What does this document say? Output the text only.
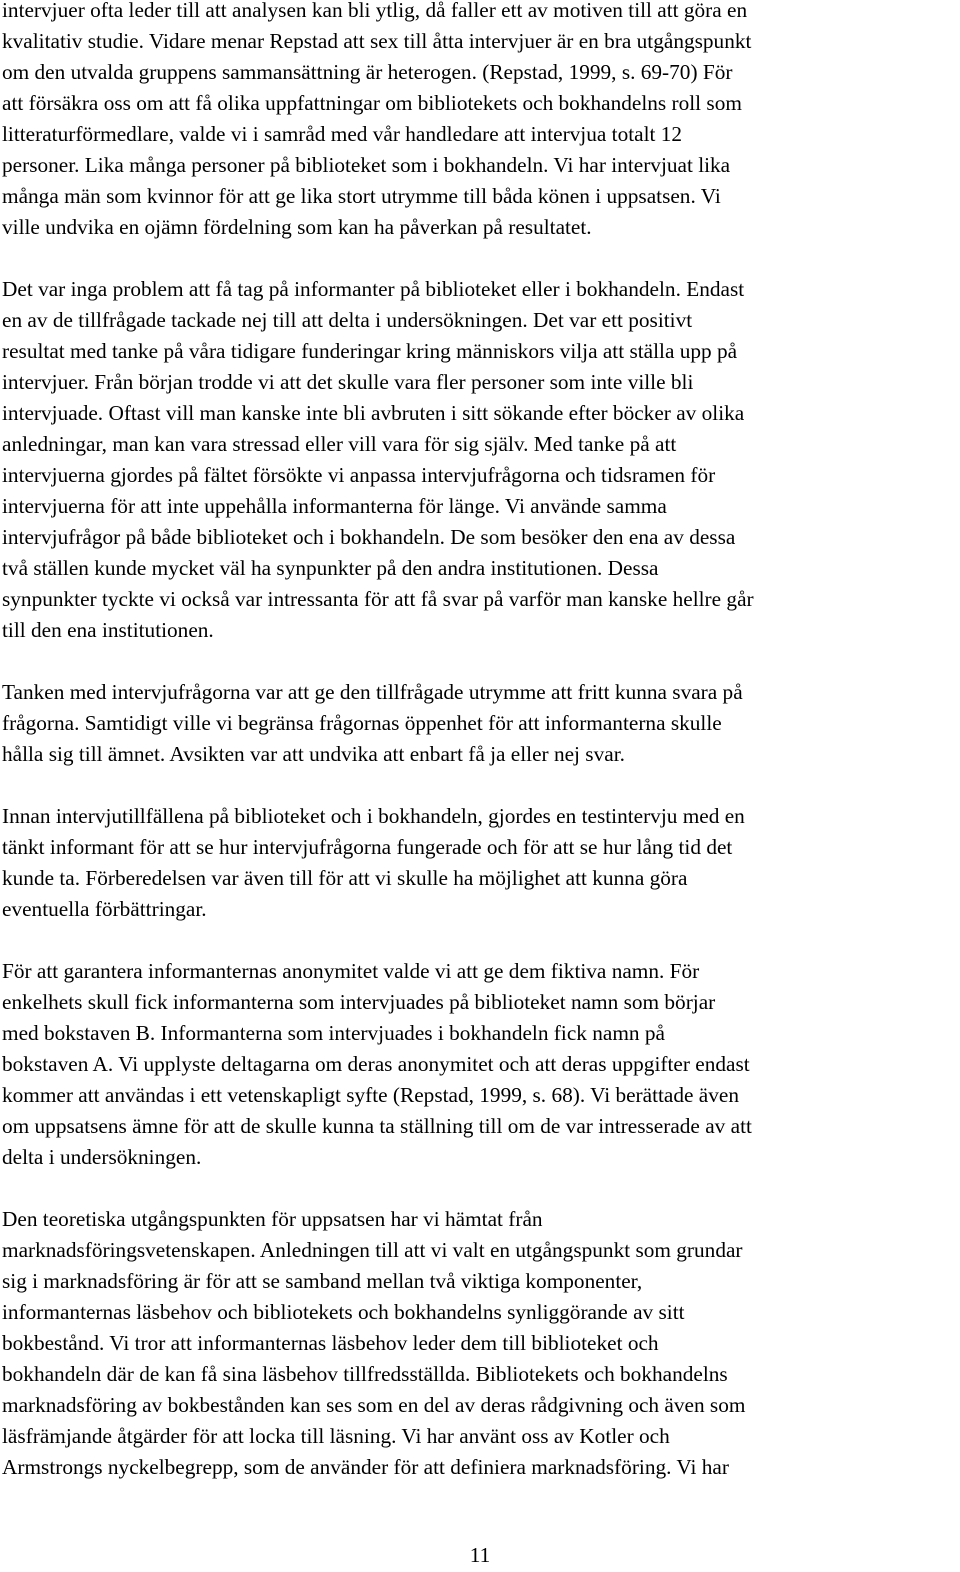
intervjuer ofta leder till att analysen kan bli ytlig, då faller ett av motiven till att göra en
kvalitativ studie. Vidare menar Repstad att sex till åtta intervjuer är en bra utgångspunkt
om den utvalda gruppens sammansättning är heterogen. (Repstad, 1999, s. 69-70) För
att försäkra oss om att få olika uppfattningar om bibliotekets och bokhandelns roll som
litteraturförmedlare, valde vi i samråd med vår handledare att intervjua totalt 12
personer. Lika många personer på biblioteket som i bokhandeln. Vi har intervjuat lika
många män som kvinnor för att ge lika stort utrymme till båda könen i uppsatsen. Vi
ville undvika en ojämn fördelning som kan ha påverkan på resultatet.

Det var inga problem att få tag på informanter på biblioteket eller i bokhandeln. Endast
en av de tillfrågade tackade nej till att delta i undersökningen. Det var ett positivt
resultat med tanke på våra tidigare funderingar kring människors vilja att ställa upp på
intervjuer. Från början trodde vi att det skulle vara fler personer som inte ville bli
intervjuade. Oftast vill man kanske inte bli avbruten i sitt sökande efter böcker av olika
anledningar, man kan vara stressad eller vill vara för sig själv. Med tanke på att
intervjuerna gjordes på fältet försökte vi anpassa intervjufrågorna och tidsramen för
intervjuerna för att inte uppehålla informanterna för länge. Vi använde samma
intervjufrågor på både biblioteket och i bokhandeln. De som besöker den ena av dessa
två ställen kunde mycket väl ha synpunkter på den andra institutionen. Dessa
synpunkter tyckte vi också var intressanta för att få svar på varför man kanske hellre går
till den ena institutionen.

Tanken med intervjufrågorna var att ge den tillfrågade utrymme att fritt kunna svara på
frågorna. Samtidigt ville vi begränsa frågornas öppenhet för att informanterna skulle
hålla sig till ämnet. Avsikten var att undvika att enbart få ja eller nej svar.

Innan intervjutillfällena på biblioteket och i bokhandeln, gjordes en testintervju med en
tänkt informant för att se hur intervjufrågorna fungerade och för att se hur lång tid det
kunde ta. Förberedelsen var även till för att vi skulle ha möjlighet att kunna göra
eventuella förbättringar.

För att garantera informanternas anonymitet valde vi att ge dem fiktiva namn. För
enkelhets skull fick informanterna som intervjuades på biblioteket namn som börjar
med bokstaven B. Informanterna som intervjuades i bokhandeln fick namn på
bokstaven A. Vi upplyste deltagarna om deras anonymitet och att deras uppgifter endast
kommer att användas i ett vetenskapligt syfte (Repstad, 1999, s. 68). Vi berättade även
om uppsatsens ämne för att de skulle kunna ta ställning till om de var intresserade av att
delta i undersökningen.

Den teoretiska utgångspunkten för uppsatsen har vi hämtat från
marknadsföringsvetenskapen. Anledningen till att vi valt en utgångspunkt som grundar
sig i marknadsföring är för att se samband mellan två viktiga komponenter,
informanternas läsbehov och bibliotekets och bokhandelns synliggörande av sitt
bokbestånd. Vi tror att informanternas läsbehov leder dem till biblioteket och
bokhandeln där de kan få sina läsbehov tillfredsställda. Bibliotekets och bokhandelns
marknadsföring av bokbestånden kan ses som en del av deras rådgivning och även som
läsfrämjande åtgärder för att locka till läsning. Vi har använt oss av Kotler och
Armstrongs nyckelbegrepp, som de använder för att definiera marknadsföring. Vi har

11
